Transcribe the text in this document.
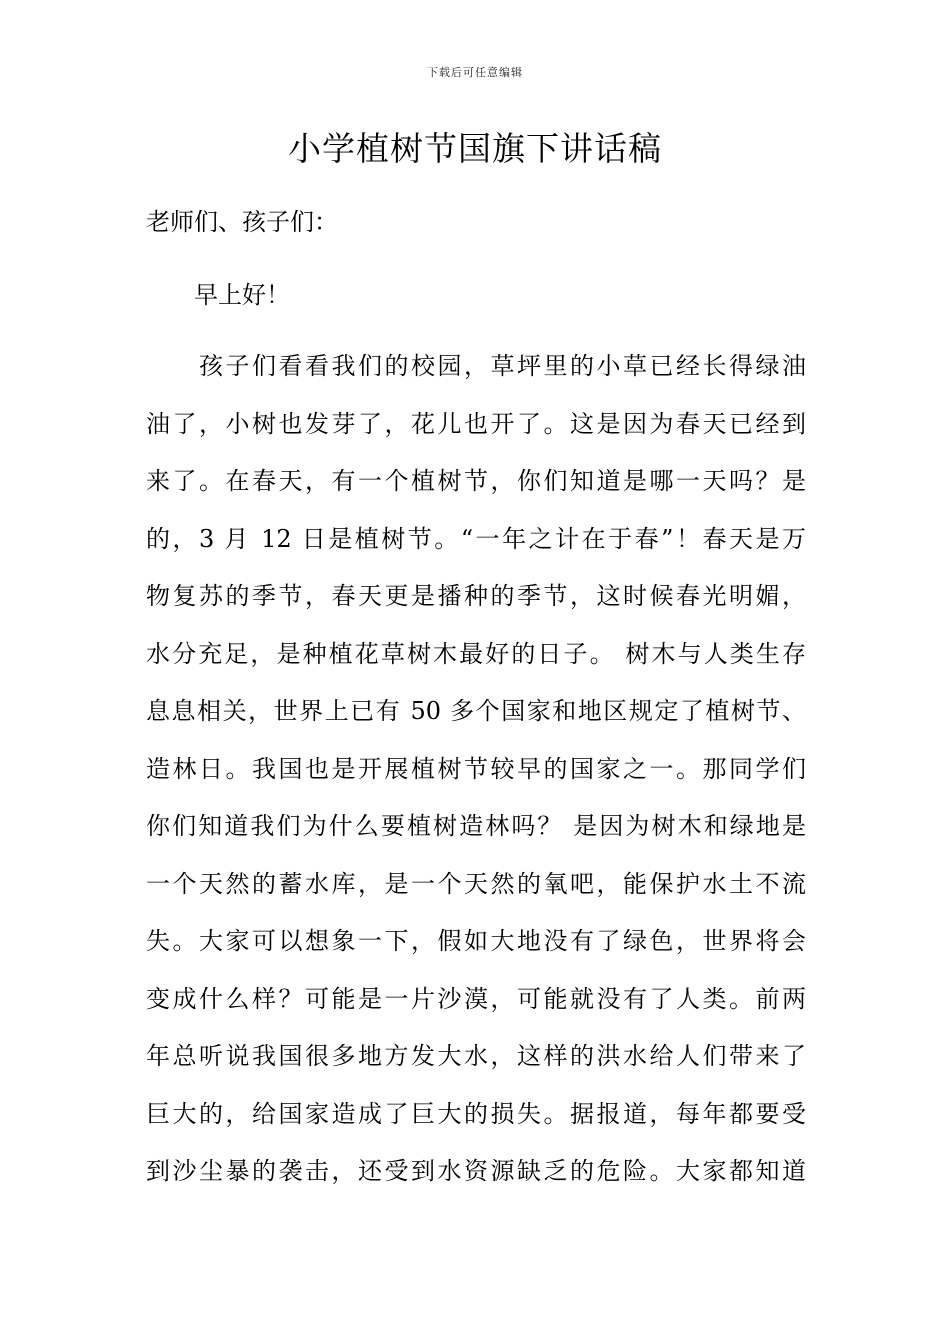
下载后可任意编辑
小学植树节国旗下讲话稿

老师们、孩子们：

早上好！

　　孩子们看看我们的校园，草坪里的小草已经长得绿油
油了，小树也发芽了，花儿也开了。这是因为春天已经到
来了。在春天，有一个植树节，你们知道是哪一天吗？是
的，3 月 12 日是植树节。“一年之计在于春”！春天是万
物复苏的季节，春天更是播种的季节，这时候春光明媚，
水分充足，是种植花草树木最好的日子。 树木与人类生存
息息相关，世界上已有 50 多个国家和地区规定了植树节、
造林日。我国也是开展植树节较早的国家之一。那同学们
你们知道我们为什么要植树造林吗？ 是因为树木和绿地是
一个天然的蓄水库，是一个天然的氧吧，能保护水土不流
失。大家可以想象一下，假如大地没有了绿色，世界将会
变成什么样？可能是一片沙漠，可能就没有了人类。前两
年总听说我国很多地方发大水，这样的洪水给人们带来了
巨大的，给国家造成了巨大的损失。据报道，每年都要受
到沙尘暴的袭击，还受到水资源缺乏的危险。大家都知道
